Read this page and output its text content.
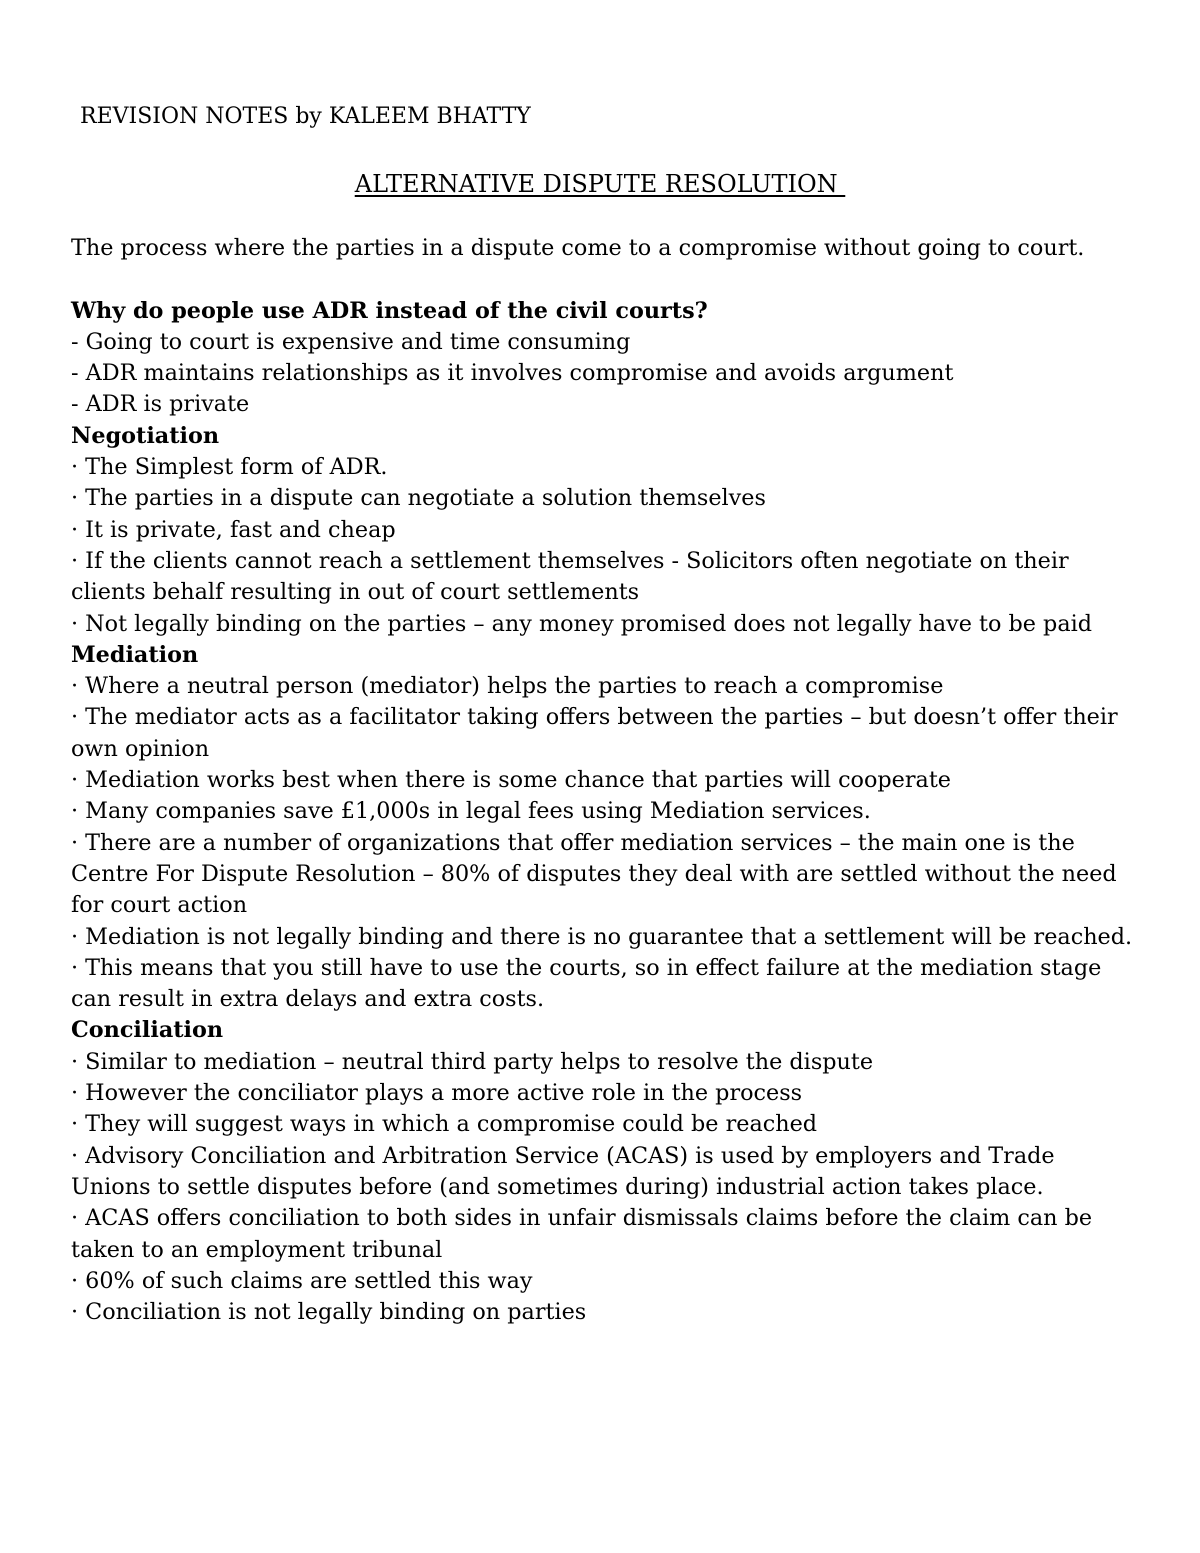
REVISION NOTES by KALEEM BHATTY
ALTERNATIVE DISPUTE RESOLUTION

The process where the parties in a dispute come to a compromise without going to court.

Why do people use ADR instead of the civil courts?

- Going to court is expensive and time consuming

- ADR maintains relationships as it involves compromise and avoids argument

- ADR is private

Negotiation

· The Simplest form of ADR.

· The parties in a dispute can negotiate a solution themselves

· It is private, fast and cheap

· If the clients cannot reach a settlement themselves - Solicitors often negotiate on their clients behalf resulting in out of court settlements

· Not legally binding on the parties – any money promised does not legally have to be paid

Mediation

· Where a neutral person (mediator) helps the parties to reach a compromise

· The mediator acts as a facilitator taking offers between the parties – but doesn’t offer their own opinion

· Mediation works best when there is some chance that parties will cooperate

· Many companies save £1,000s in legal fees using Mediation services.

· There are a number of organizations that offer mediation services – the main one is the Centre For Dispute Resolution – 80% of disputes they deal with are settled without the need for court action

· Mediation is not legally binding and there is no guarantee that a settlement will be reached.

· This means that you still have to use the courts, so in effect failure at the mediation stage can result in extra delays and extra costs.

Conciliation

· Similar to mediation – neutral third party helps to resolve the dispute

· However the conciliator plays a more active role in the process

· They will suggest ways in which a compromise could be reached

· Advisory Conciliation and Arbitration Service (ACAS) is used by employers and Trade Unions to settle disputes before (and sometimes during) industrial action takes place.

· ACAS offers conciliation to both sides in unfair dismissals claims before the claim can be taken to an employment tribunal

· 60% of such claims are settled this way

· Conciliation is not legally binding on parties
